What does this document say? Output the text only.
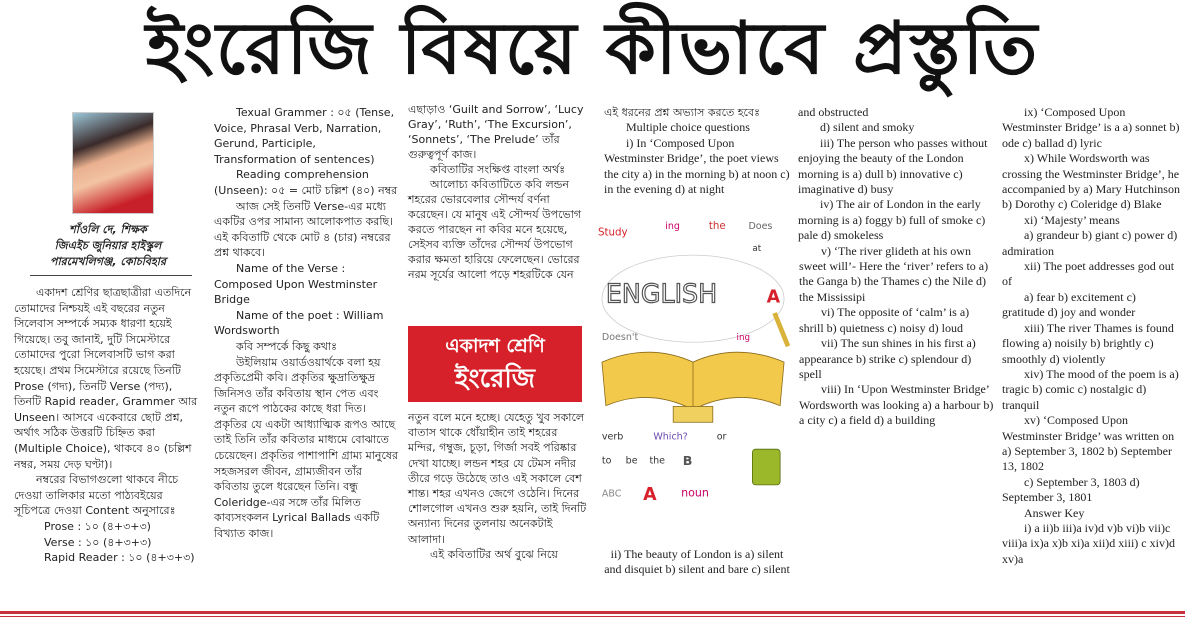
ইংরেজি বিষয়ে কীভাবে প্রস্তুতি
শাঁওলি দে, শিক্ষক
জিএইচ জুনিয়ার হাইস্কুল
পারমেখলিগঞ্জ, কোচবিহার

একাদশ শ্রেণির ছাত্রছাত্রীরা এতদিনে তোমাদের নিশ্চয়ই এই বছরের নতুন সিলেবাস সম্পর্কে সম্যক ধারণা হয়েই গিয়েছে। তবু জানাই, দুটি সিমেস্টারে তোমাদের পুরো সিলেবাসটি ভাগ করা হয়েছে। প্রথম সিমেস্টারে রয়েছে তিনটি Prose (গদ্য), তিনটি Verse (পদ্য), তিনটি Rapid reader, Grammer আর Unseen। আসবে একেবারে ছোট প্রশ্ন, অর্থাৎ সঠিক উত্তরটি চিহ্নিত করা (Multiple Choice), থাকবে ৪০ (চল্লিশ নম্বর, সময় দেড় ঘণ্টা)।

নম্বরের বিভাগগুলো থাকবে নীচে দেওয়া তালিকার মতো পাঠ্যবইয়ের সূচিপত্রে দেওয়া Content অনুসারেঃ

Prose : ১০ (৪+৩+৩)

Verse : ১০ (৪+৩+৩)

Rapid Reader : ১০ (৪+৩+৩)

Texual Grammer : ০৫ (Tense, Voice, Phrasal Verb, Narration, Gerund, Participle, Transformation of sentences)

Reading comprehension (Unseen): ০৫ = মোট চল্লিশ (৪০) নম্বর

আজ সেই তিনটি Verse-এর মধ্যে একটির ওপর সামান্য আলোকপাত করছি। এই কবিতাটি থেকে মোট ৪ (চার) নম্বরের প্রশ্ন থাকবে।

Name of the Verse : Composed Upon Westminster Bridge

Name of the poet : William Wordsworth

কবি সম্পর্কে কিছু কথাঃ

উইলিয়াম ওয়ার্ডওয়ার্থকে বলা হয় প্রকৃতিপ্রেমী কবি। প্রকৃতির ক্ষুদ্রাতিক্ষুদ্র জিনিসও তাঁর কবিতায় স্থান পেত এবং নতুন রূপে পাঠকের কাছে ধরা দিত। প্রকৃতির যে একটা আধ্যাত্মিক রূপও আছে তাই তিনি তাঁর কবিতার মাধ্যমে বোঝাতে চেয়েছেন। প্রকৃতির পাশাপাশি গ্রাম্য মানুষের সহজসরল জীবন, গ্রাম্যজীবন তাঁর কবিতায় তুলে ধরেছেন তিনি। বন্ধু Coleridge-এর সঙ্গে তাঁর মিলিত কাব্যসংকলন Lyrical Ballads একটি বিখ্যাত কাজ।

এছাড়াও ‘Guilt and Sorrow’, ‘Lucy Gray’, ‘Ruth’, ‘The Excursion’, ‘Sonnets’, ‘The Prelude’ তাঁর গুরুত্বপূর্ণ কাজ।

কবিতাটির সংক্ষিপ্ত বাংলা অর্থঃ

আলোচ্য কবিতাটিতে কবি লন্ডন শহরের ভোরবেলার সৌন্দর্য বর্ণনা করেছেন। যে মানুষ এই সৌন্দর্য উপভোগ করতে পারছেন না কবির মনে হয়েছে, সেইসব ব্যক্তি তাঁদের সৌন্দর্য উপভোগ করার ক্ষমতা হারিয়ে ফেলেছেন। ভোরের নরম সূর্যের আলো পড়ে শহরটিকে যেন

একাদশ শ্রেণি
ইংরেজি

নতুন বলে মনে হচ্ছে। যেহেতু খুব সকালে বাতাস থাকে ধোঁয়াহীন তাই শহরের মন্দির, গম্বুজ, চূড়া, গির্জা সবই পরিষ্কার দেখা যাচ্ছে। লন্ডন শহর যে টেমস নদীর তীরে গড়ে উঠেছে তাও এই সকালে বেশ শান্ত। শহর এখনও জেগে ওঠেনি। দিনের শোলগোল এখনও শুরু হয়নি, তাই দিনটি অন্যান্য দিনের তুলনায় অনেকটাই আলাদা।

এই কবিতাটির অর্থ বুঝে নিয়ে

এই ধরনের প্রশ্ন অভ্যাস করতে হবেঃ

Multiple choice questions

i) In ‘Composed Upon Westminster Bridge’, the poet views the city a) in the morning b) at noon c) in the evening d) at night

Study	ing the Does
at
ENGLISH A
Doesn't	ing
verb	Which? or
to be the B
ABC A noun

ii) The beauty of London is a) silent and disquiet b) silent and bare c) silent

and obstructed

d) silent and smoky

iii) The person who passes without enjoying the beauty of the London morning is a) dull b) innovative c) imaginative d) busy

iv) The air of London in the early morning is a) foggy b) full of smoke c) pale d) smokeless

v) ‘The river glideth at his own sweet will’- Here the ‘river’ refers to a) the Ganga b) the Thames c) the Nile d) the Mississipi

vi) The opposite of ‘calm’ is a) shrill b) quietness c) noisy d) loud

vii) The sun shines in his first a) appearance b) strike c) splendour d) spell

viii) In ‘Upon Westminster Bridge’ Wordsworth was looking a) a harbour b) a city c) a field d) a building

ix) ‘Composed Upon Westminster Bridge’ is a a) sonnet b) ode c) ballad d) lyric

x) While Wordsworth was crossing the Westminster Bridge’, he accompanied by a) Mary Hutchinson b) Dorothy c) Coleridge d) Blake

xi) ‘Majesty’ means

a) grandeur b) giant c) power d) admiration

xii) The poet addresses god out of

a) fear b) excitement c) gratitude d) joy and wonder

xiii) The river Thames is found flowing a) noisily b) brightly c) smoothly d) violently

xiv) The mood of the poem is a) tragic b) comic c) nostalgic d) tranquil

xv) ‘Composed Upon Westminster Bridge’ was written on a) September 3, 1802 b) September 13, 1802

c) September 3, 1803 d) September 3, 1801

Answer Key

i) a ii)b iii)a iv)d v)b vi)b vii)c viii)a ix)a x)b xi)a xii)d xiii) c xiv)d xv)a
